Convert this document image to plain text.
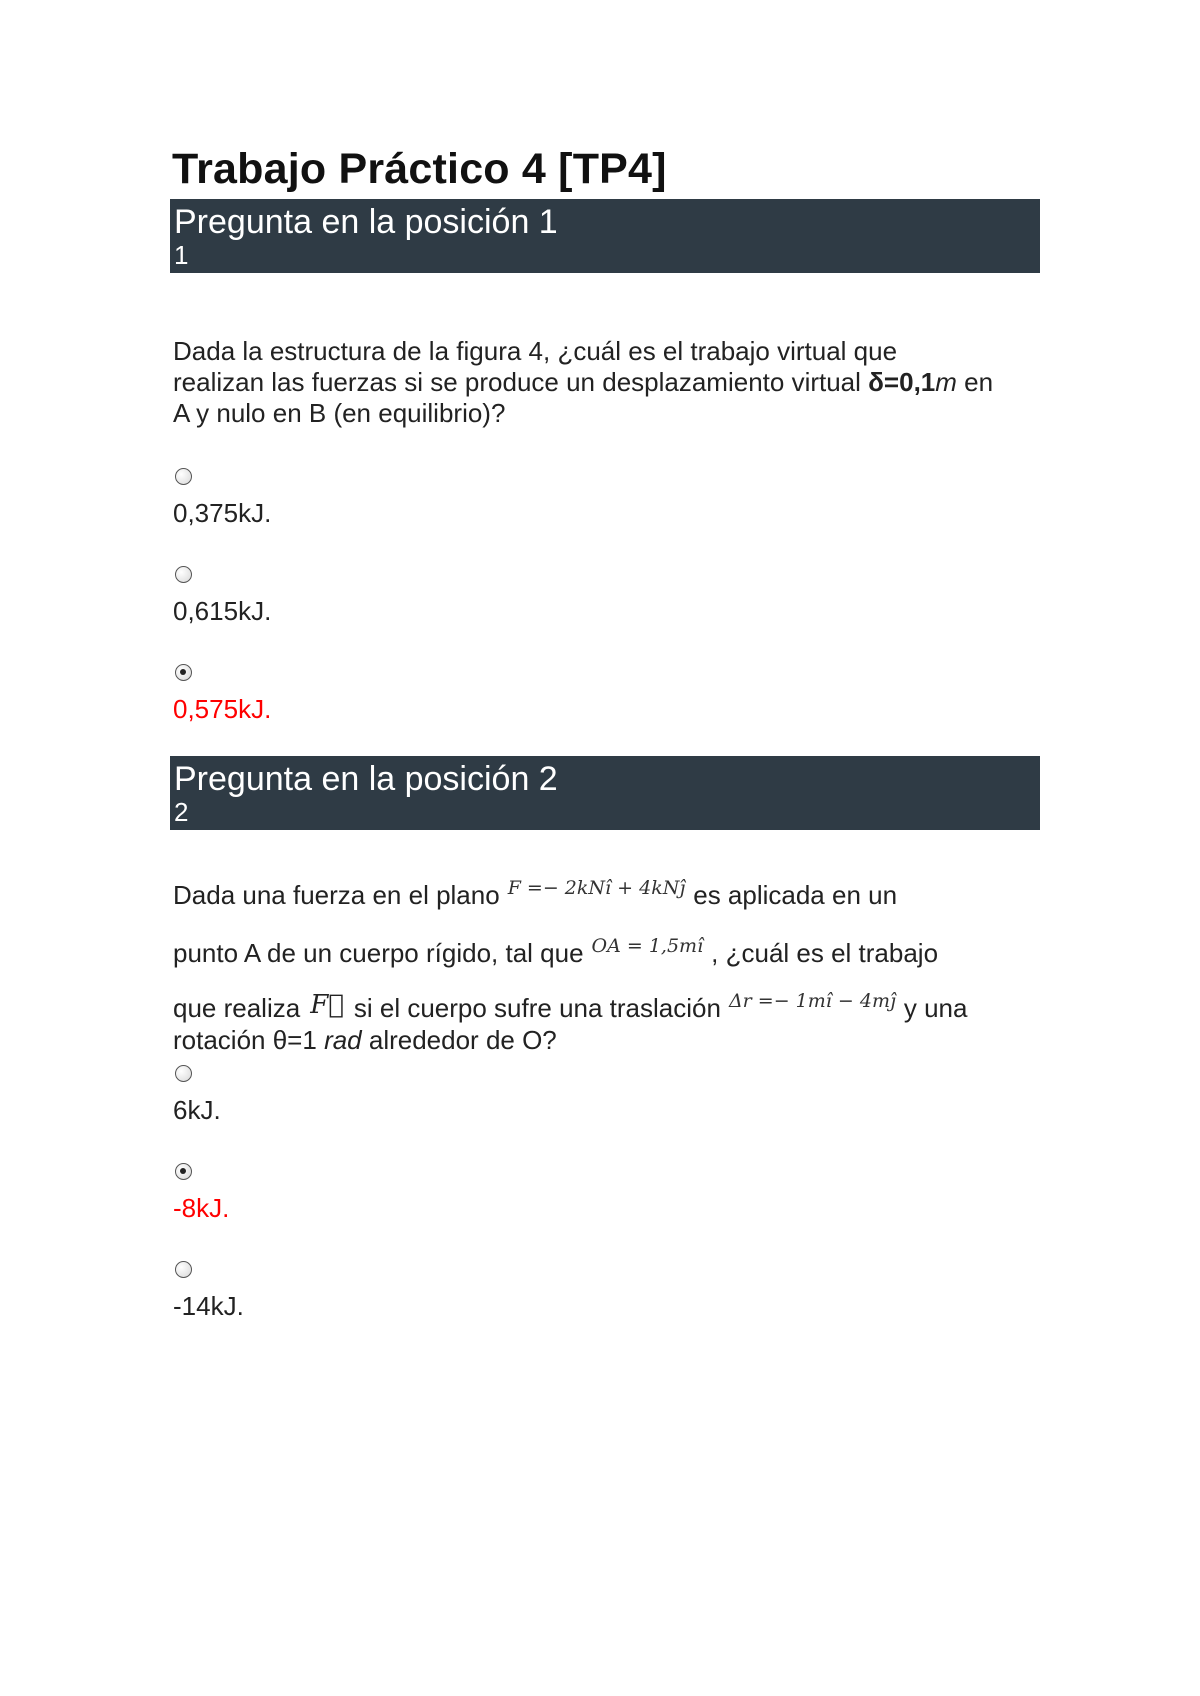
Trabajo Práctico 4 [TP4]
Pregunta en la posición 1
1
Dada la estructura de la figura 4, ¿cuál es el trabajo virtual que
realizan las fuerzas si se produce un desplazamiento virtual δ=0,1m en
A y nulo en B (en equilibrio)?
0,375kJ.
0,615kJ.
0,575kJ.
Pregunta en la posición 2
2
Dada una fuerza en el plano $^{F =- 2kNî + 4kNĵ}$ es aplicada en un
punto A de un cuerpo rígido, tal que $^{OA = 1,5mî}$ , ¿cuál es el trabajo
que realiza F⃗ si el cuerpo sufre una traslación $^{\Delta r =- 1mî - 4mĵ}$ y una
rotación θ=1 rad alrededor de O?
6kJ.
-8kJ.
-14kJ.
